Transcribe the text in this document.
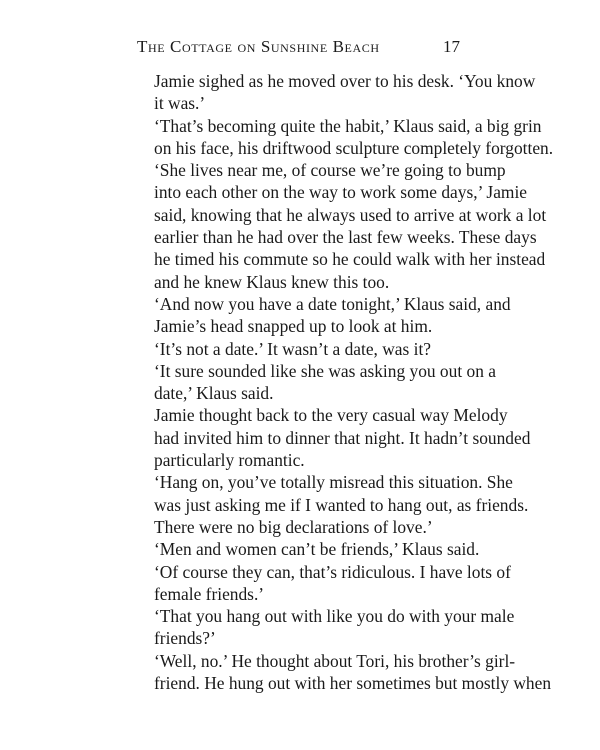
The Cottage on Sunshine Beach	17

Jamie sighed as he moved over to his desk. ‘You know
it was.’

‘That’s becoming quite the habit,’ Klaus said, a big grin
on his face, his driftwood sculpture completely forgotten.

‘She lives near me, of course we’re going to bump
into each other on the way to work some days,’ Jamie
said, knowing that he always used to arrive at work a lot
earlier than he had over the last few weeks. These days
he timed his commute so he could walk with her instead
and he knew Klaus knew this too.

‘And now you have a date tonight,’ Klaus said, and
Jamie’s head snapped up to look at him.

‘It’s not a date.’ It wasn’t a date, was it?

‘It sure sounded like she was asking you out on a
date,’ Klaus said.

Jamie thought back to the very casual way Melody
had invited him to dinner that night. It hadn’t sounded
particularly romantic.

‘Hang on, you’ve totally misread this situation. She
was just asking me if I wanted to hang out, as friends.
There were no big declarations of love.’

‘Men and women can’t be friends,’ Klaus said.

‘Of course they can, that’s ridiculous. I have lots of
female friends.’

‘That you hang out with like you do with your male
friends?’

‘Well, no.’ He thought about Tori, his brother’s girl-
friend. He hung out with her sometimes but mostly when
